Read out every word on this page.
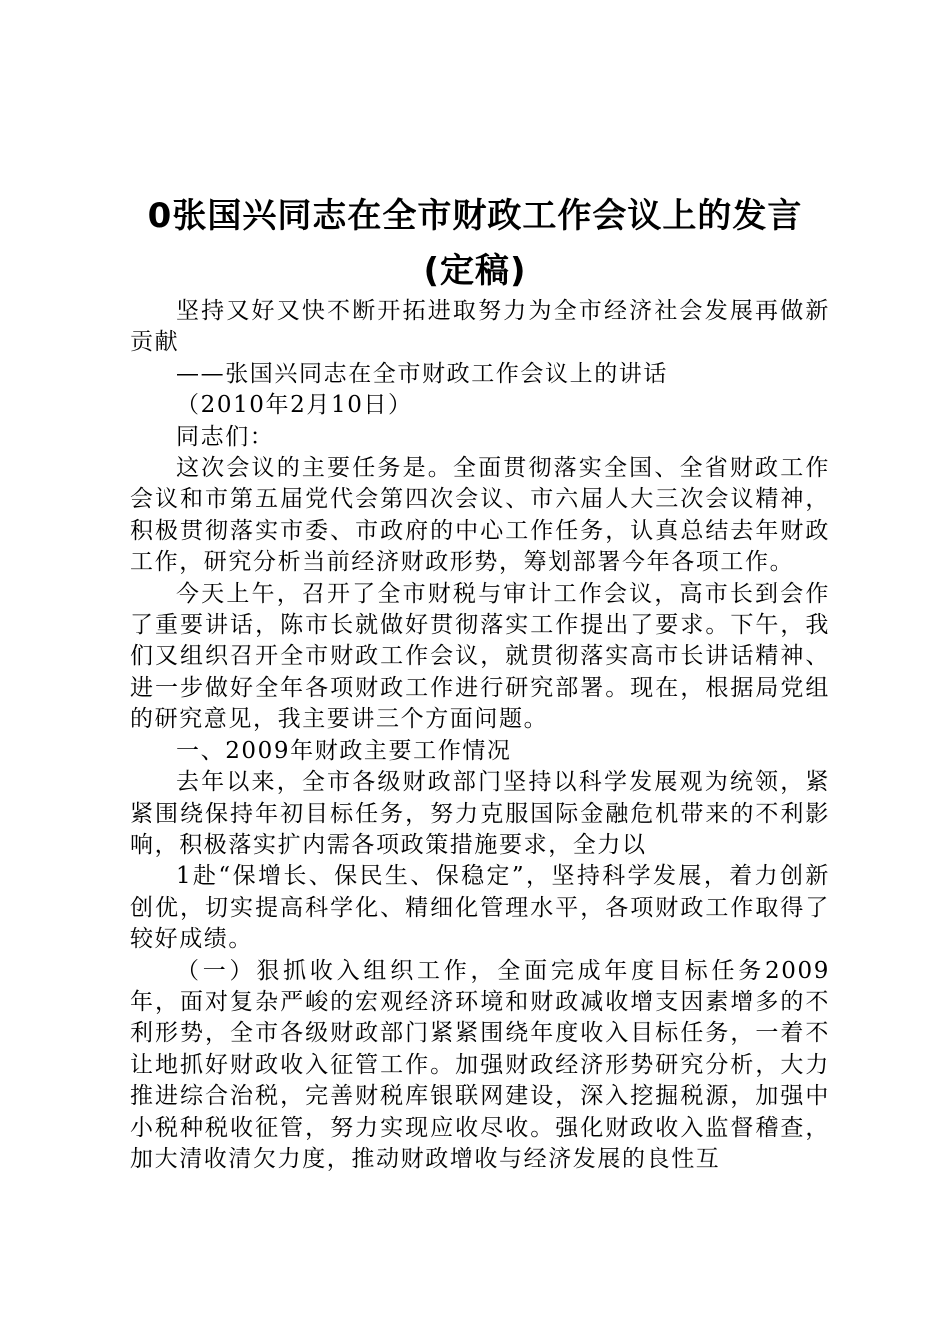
0张国兴同志在全市财政工作会议上的发言
(定稿)

坚持又好又快不断开拓进取努力为全市经济社会发展再做新贡献

——张国兴同志在全市财政工作会议上的讲话

（2010年2月10日）

同志们：

这次会议的主要任务是。全面贯彻落实全国、全省财政工作会议和市第五届党代会第四次会议、市六届人大三次会议精神，积极贯彻落实市委、市政府的中心工作任务，认真总结去年财政工作，研究分析当前经济财政形势，筹划部署今年各项工作。

今天上午，召开了全市财税与审计工作会议，高市长到会作了重要讲话，陈市长就做好贯彻落实工作提出了要求。下午，我们又组织召开全市财政工作会议，就贯彻落实高市长讲话精神、进一步做好全年各项财政工作进行研究部署。现在，根据局党组的研究意见，我主要讲三个方面问题。

一、2009年财政主要工作情况

去年以来，全市各级财政部门坚持以科学发展观为统领，紧紧围绕保持年初目标任务，努力克服国际金融危机带来的不利影响，积极落实扩内需各项政策措施要求，全力以

1赴“保增长、保民生、保稳定”，坚持科学发展，着力创新创优，切实提高科学化、精细化管理水平，各项财政工作取得了较好成绩。

（一）狠抓收入组织工作，全面完成年度目标任务2009年，面对复杂严峻的宏观经济环境和财政减收增支因素增多的不利形势，全市各级财政部门紧紧围绕年度收入目标任务，一着不让地抓好财政收入征管工作。加强财政经济形势研究分析，大力推进综合治税，完善财税库银联网建设，深入挖掘税源，加强中小税种税收征管，努力实现应收尽收。强化财政收入监督稽查，加大清收清欠力度，推动财政增收与经济发展的良性互
